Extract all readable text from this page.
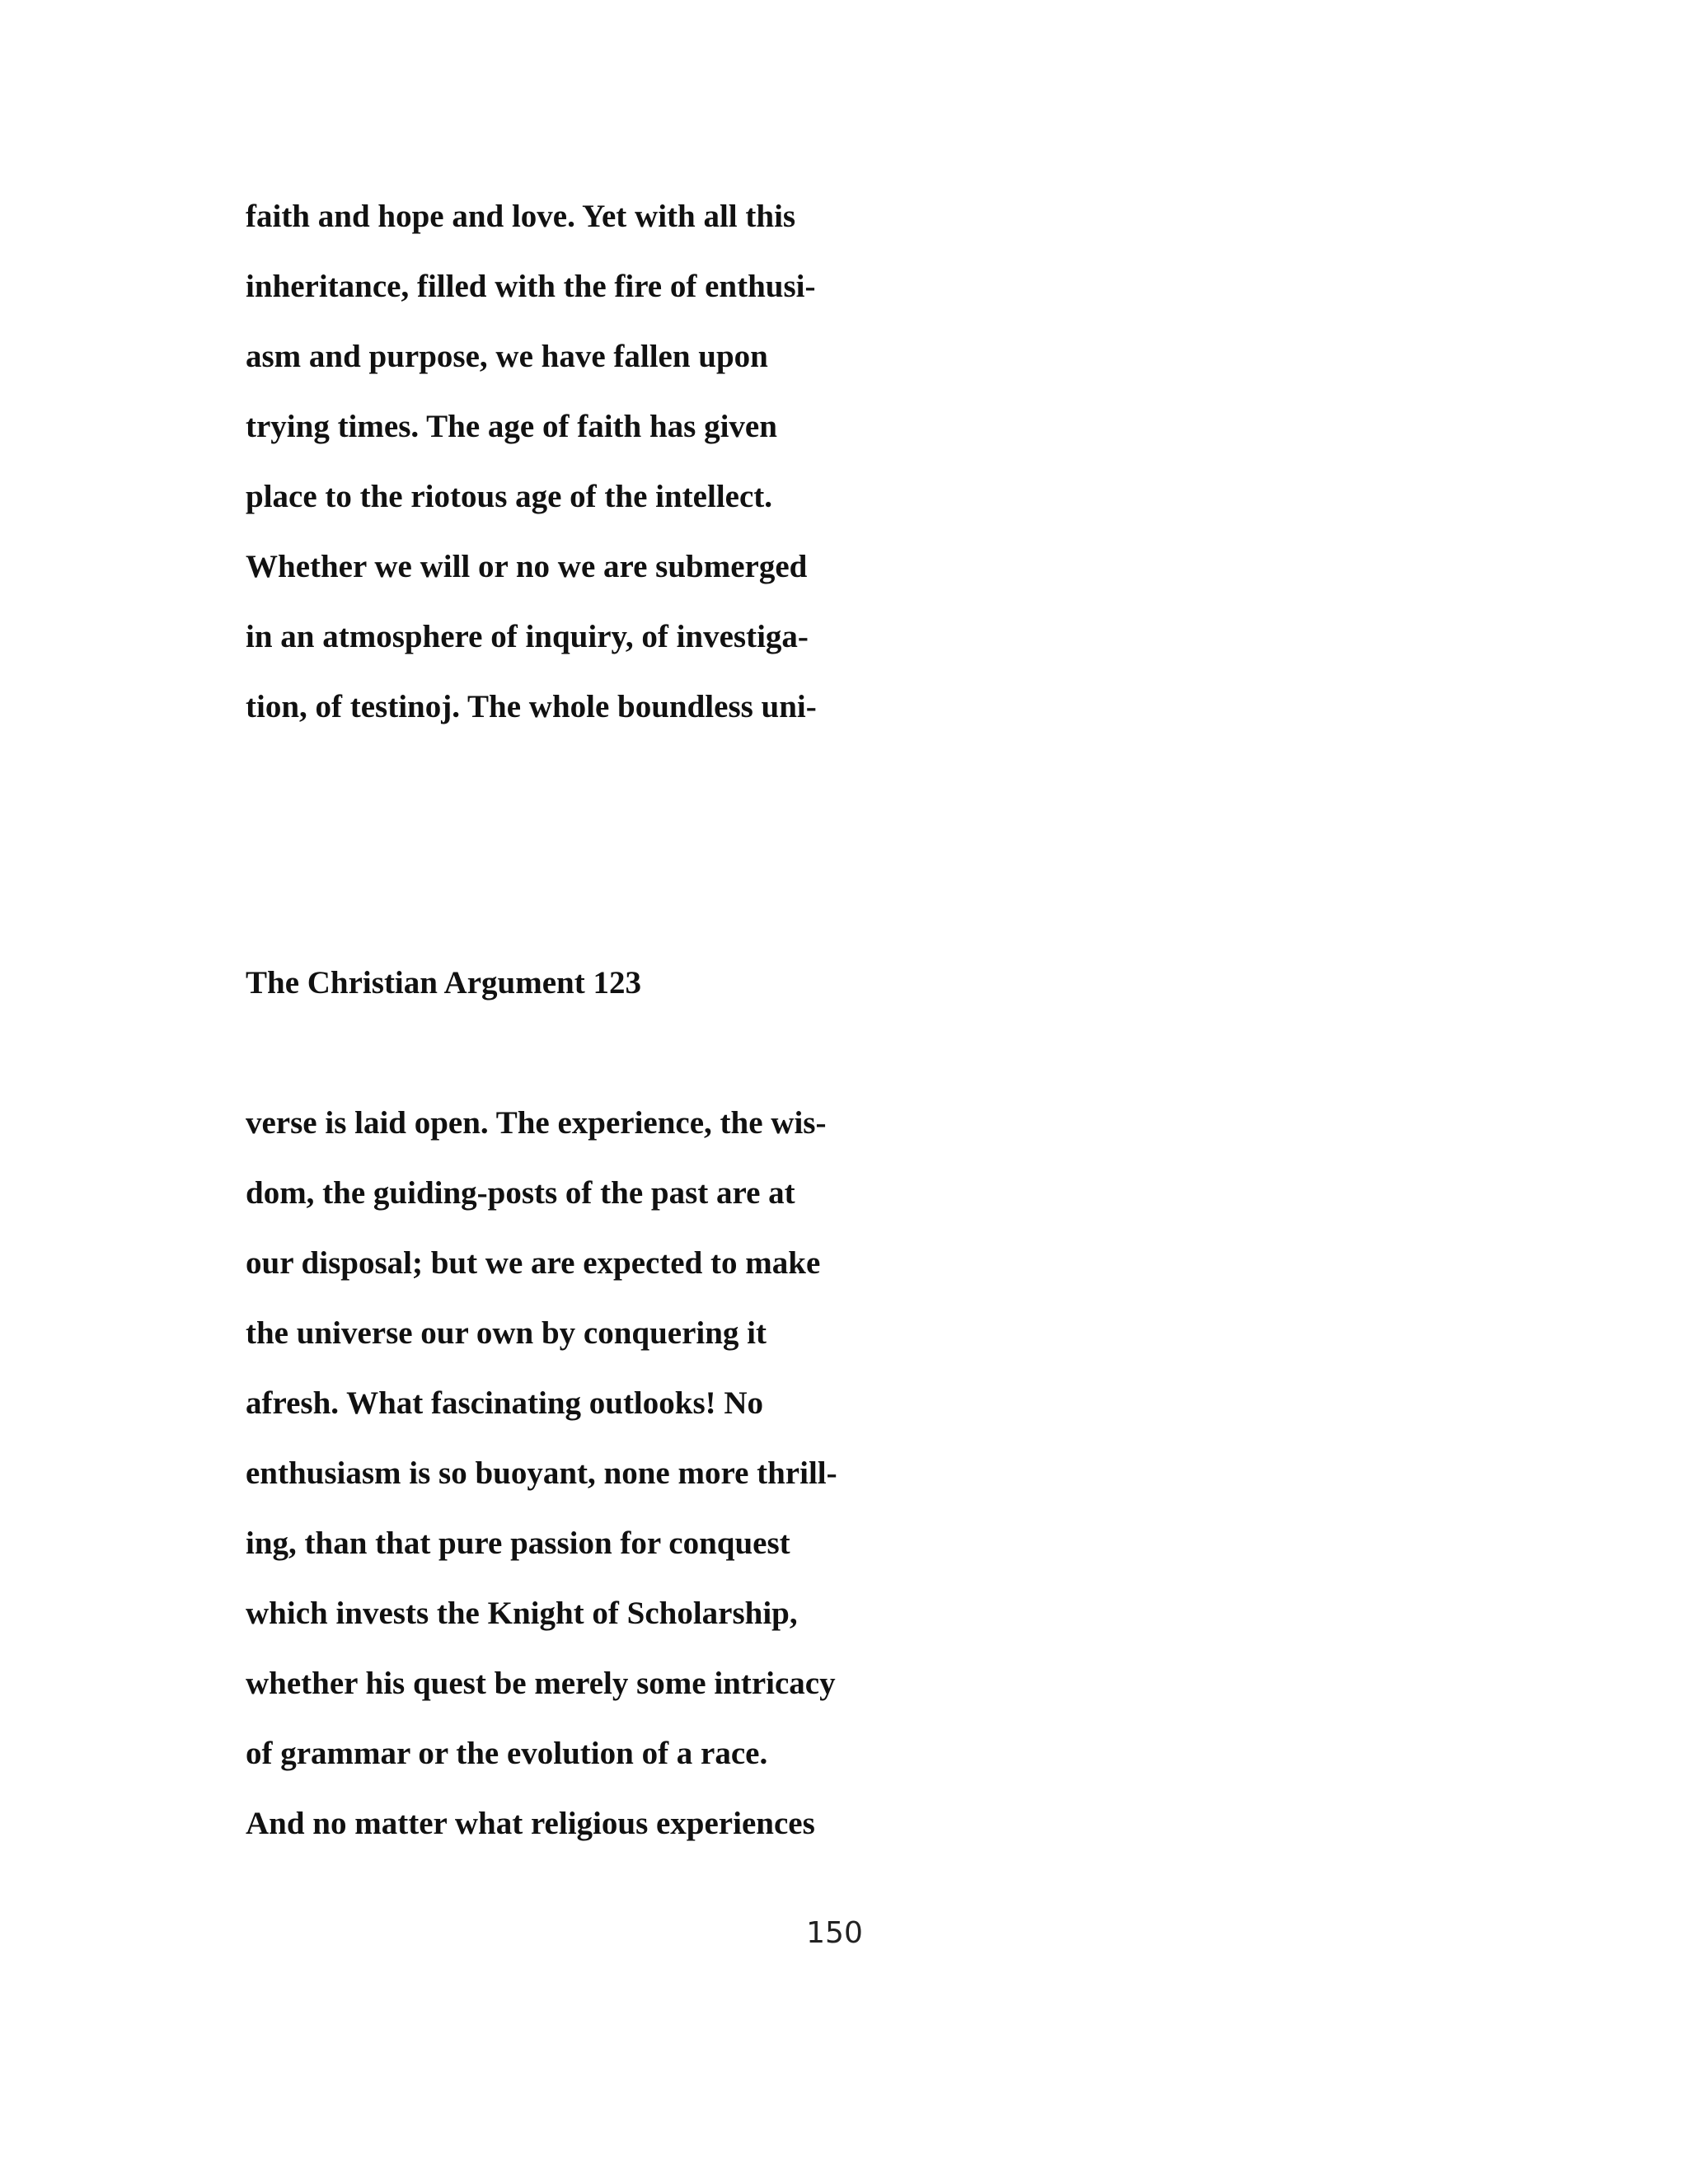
faith and hope and love. Yet with all this
inheritance, filled with the fire of enthusi-
asm and purpose, we have fallen upon
trying times. The age of faith has given
place to the riotous age of the intellect.
Whether we will or no we are submerged
in an atmosphere of inquiry, of investiga-
tion, of testinoj. The whole boundless uni-
The Christian Argument 123
verse is laid open. The experience, the wis-
dom, the guiding-posts of the past are at
our disposal; but we are expected to make
the universe our own by conquering it
afresh. What fascinating outlooks! No
enthusiasm is so buoyant, none more thrill-
ing, than that pure passion for conquest
which invests the Knight of Scholarship,
whether his quest be merely some intricacy
of grammar or the evolution of a race.
And no matter what religious experiences
150
